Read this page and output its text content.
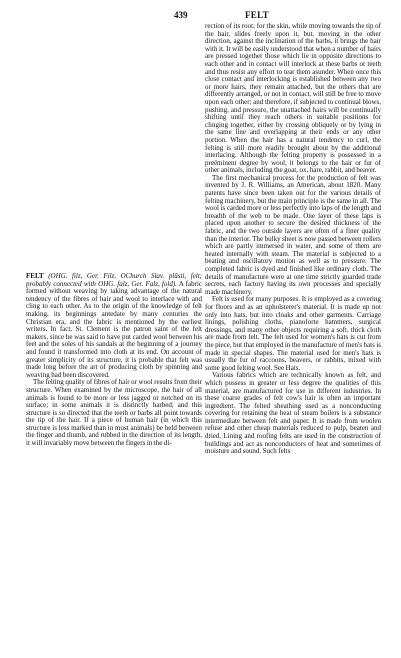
439	FELT

FELT (OHG. filz, Ger. Filz, OChurch Slav. plŭsti, felt; probably connected with OHG. falz, Ger. Falz, fold). A fabric formed without weaving by taking advantage of the natural tendency of the fibres of hair and wool to interlace with and cling to each other. As to the origin of the knowledge of felt making, its beginnings antedate by many centuries the Christian era, and the fabric is mentioned by the earliest writers. In fact, St. Clement is the patron saint of the felt makers, since he was said to have put carded wool between his feet and the soles of his sandals at the beginning of a journey and found it transformed into cloth at its end. On account of greater simplicity of its structure, it is probable that felt was made long before the art of producing cloth by spinning and weaving had been discovered.

The felting quality of fibres of hair or wool results from their structure. When examined by the microscope, the hair of all animals is found to be more or less jagged or notched on its surface; in some animals it is distinctly barbed; and this structure is so directed that the teeth or barbs all point towards the tip of the hair. If a piece of human hair (in which this structure is less marked than in most animals) be held between the finger and thumb, and rubbed in the direction of its length, it will invariably move between the fingers in the di-

rection of its root; for the skin, while moving towards the tip of the hair, slides freely upon it, but, moving in the other direction, against the inclination of the barbs, it brings the hair with it. It will be easily understood that when a number of hairs are pressed together those which lie in opposite directions to each other and in contact will interlock at these barbs or teeth and thus resist any effort to tear them asunder. When once this close contact and interlocking is established between any two or more hairs, they remain attached, but the others that are differently arranged, or not in contact, will still be free to move upon each other; and therefore, if subjected to continual blows, pushing, and pressure, the unattached hairs will be continually shifting until they reach others in suitable positions for clinging together, either by crossing obliquely or by lying in the same line and overlapping at their ends or any other portion. When the hair has a natural tendency to curl, the felting is still more readily brought about by the additional interlacing. Although the felting property is possessed in a preëminent degree by wool, it belongs to the hair or fur of other animals, including the goat, ox, hare, rabbit, and beaver.

The first mechanical process for the production of felt was invented by J. R. Williams, an American, about 1820. Many patents have since been taken out for the various details of felting machinery, but the main principle is the same in all. The wool is carded more or less perfectly into laps of the length and breadth of the web to be made. One layer of these laps is placed upon another to secure the desired thickness of the fabric, and the two outside layers are often of a finer quality than the interior. The bulky sheet is now passed between rollers which are partly immersed in water, and some of them are heated internally with steam. The material is subjected to a beating and oscillatory motion as well as to pressure. The completed fabric is dyed and finished like ordinary cloth. The details of manufacture were at one time strictly guarded trade secrets, each factory having its own processes and specially made machinery.

Felt is used for many purposes. It is employed as a covering for floors and as an upholsterer's material. It is made up not only into hats, but into cloaks and other garments. Carriage linings, polishing cloths, pianoforte hammers, surgical dressings, and many other objects requiring a soft, thick cloth are made from felt. The felt used for women's hats is cut from the piece, but that employed in the manufacture of men's hats is made in special shapes. The material used for men's hats is usually the fur of raccoons, beavers, or rabbits, mixed with some good felting wool. See Hats.

Various fabrics which are technically known as felt, and which possess in greater or less degree the qualities of this material, are manufactured for use in different industries. In these coarse grades of felt cow's hair is often an important ingredient. The felted sheathing used as a nonconducting covering for retaining the heat of steam boilers is a substance intermediate between felt and paper. It is made from woolen refuse and other cheap materials reduced to pulp, beaten and dried. Lining and roofing felts are used in the construction of buildings and act as nonconductors of heat and sometimes of moisture and sound. Such felts
